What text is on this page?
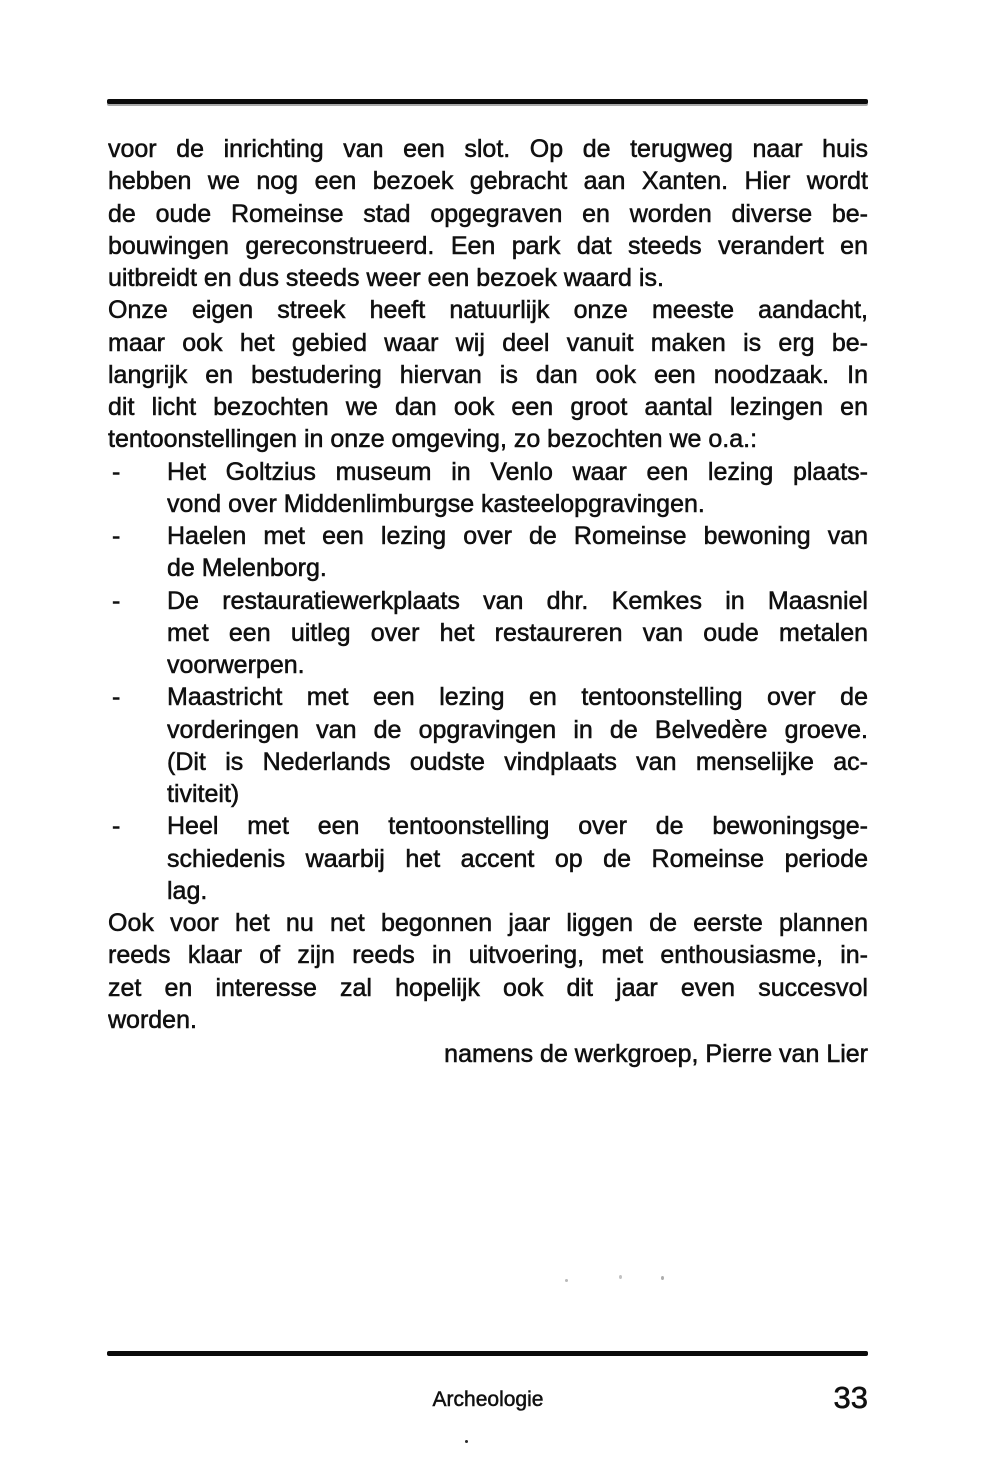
voor de inrichting van een slot. Op de terugweg naar huis
hebben we nog een bezoek gebracht aan Xanten. Hier wordt
de oude Romeinse stad opgegraven en worden diverse be-
bouwingen gereconstrueerd. Een park dat steeds verandert en
uitbreidt en dus steeds weer een bezoek waard is.
Onze eigen streek heeft natuurlijk onze meeste aandacht,
maar ook het gebied waar wij deel vanuit maken is erg be-
langrijk en bestudering hiervan is dan ook een noodzaak. In
dit licht bezochten we dan ook een groot aantal lezingen en
tentoonstellingen in onze omgeving, zo bezochten we o.a.:
- Het Goltzius museum in Venlo waar een lezing plaats-
vond over Middenlimburgse kasteelopgravingen.
- Haelen met een lezing over de Romeinse bewoning van
de Melenborg.
- De restauratiewerkplaats van dhr. Kemkes in Maasniel
met een uitleg over het restaureren van oude metalen
voorwerpen.
- Maastricht met een lezing en tentoonstelling over de
vorderingen van de opgravingen in de Belvedère groeve.
(Dit is Nederlands oudste vindplaats van menselijke ac-
tiviteit)
- Heel met een tentoonstelling over de bewoningsge-
schiedenis waarbij het accent op de Romeinse periode
lag.
Ook voor het nu net begonnen jaar liggen de eerste plannen
reeds klaar of zijn reeds in uitvoering, met enthousiasme, in-
zet en interesse zal hopelijk ook dit jaar even succesvol
worden.
namens de werkgroep, Pierre van Lier
Archeologie	33
